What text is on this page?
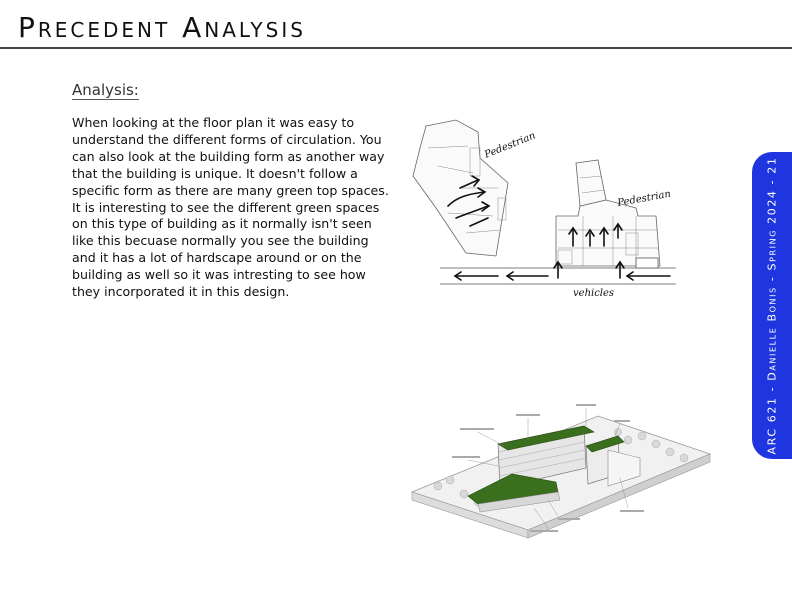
Precedent Analysis
Analysis:
When looking at the floor plan it was easy to understand the different forms of circulation. You can also look at the building form as another way that the building is unique. It doesn't follow a specific form as there are many green top spaces. It is interesting to see the different green spaces on this type of building as it normally isn't seen like this becuase normally you see the building and it has a lot of hardscape around or on the building as well so it was intresting to see how they incorporated it in this design.
Pedestrian
Pedestrian
vehicles	ARC 621 - Danielle Bonis - Spring 2024 - 21
